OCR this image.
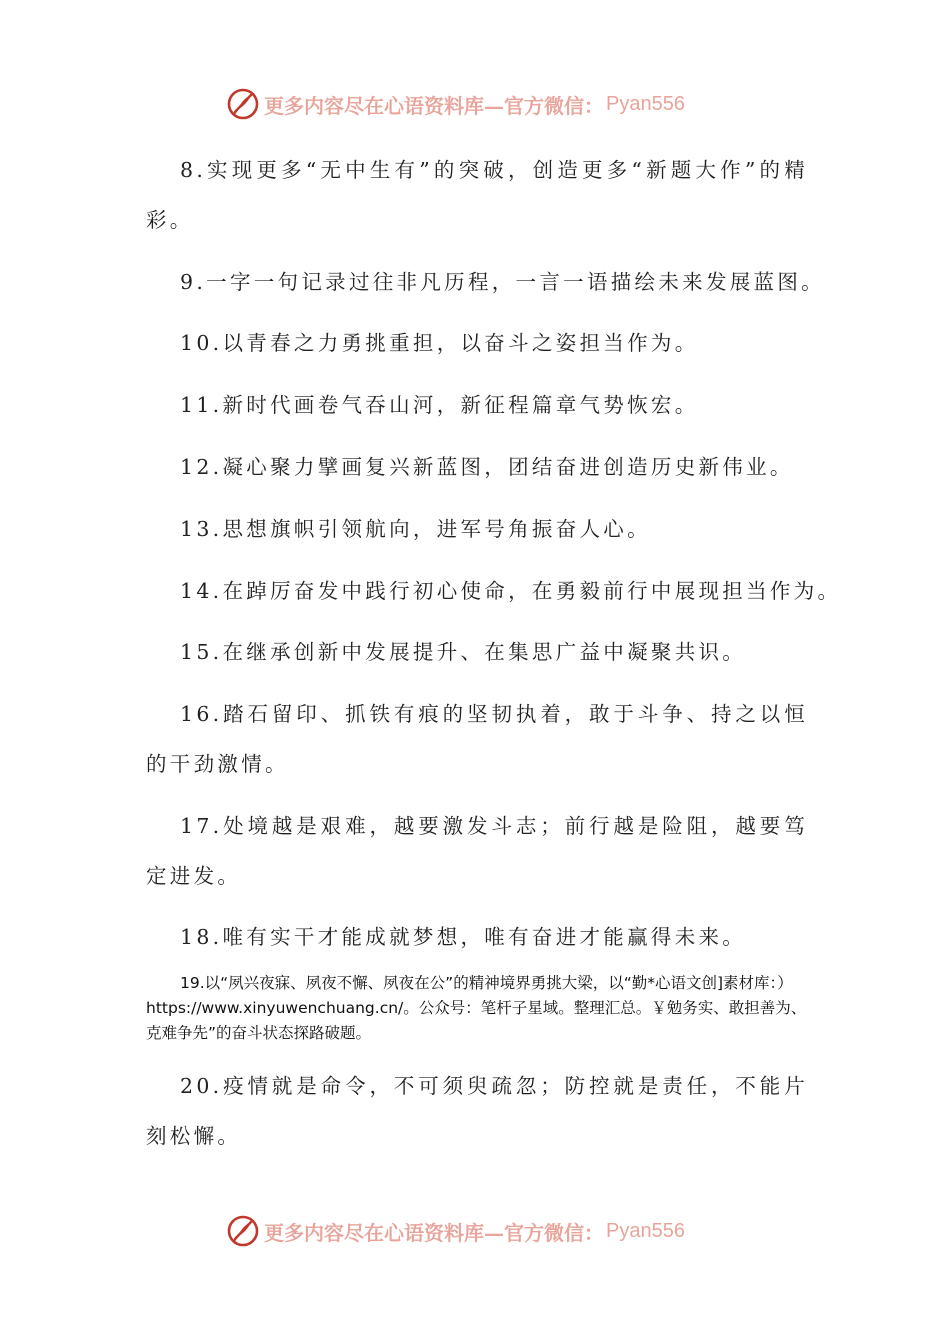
更多内容尽在心语资料库—官方微信： Pyan556

8.实现更多“无中生有”的突破，创造更多“新题大作”的精彩。

9.一字一句记录过往非凡历程，一言一语描绘未来发展蓝图。

10.以青春之力勇挑重担，以奋斗之姿担当作为。

11.新时代画卷气吞山河，新征程篇章气势恢宏。

12.凝心聚力擘画复兴新蓝图，团结奋进创造历史新伟业。

13.思想旗帜引领航向，进军号角振奋人心。

14.在踔厉奋发中践行初心使命，在勇毅前行中展现担当作为。

15.在继承创新中发展提升、在集思广益中凝聚共识。

16.踏石留印、抓铁有痕的坚韧执着，敢于斗争、持之以恒的干劲激情。

17.处境越是艰难，越要激发斗志；前行越是险阻，越要笃定进发。

18.唯有实干才能成就梦想，唯有奋进才能赢得未来。

19.以“夙兴夜寐、夙夜不懈、夙夜在公”的精神境界勇挑大梁，以“勤*心语文创]素材库：）https://www.xinyuwenchuang.cn/。公众号：笔杆子星域。整理汇总。￥勉务实、敢担善为、克难争先”的奋斗状态探路破题。

20.疫情就是命令，不可须臾疏忽；防控就是责任，不能片刻松懈。

更多内容尽在心语资料库—官方微信： Pyan556
